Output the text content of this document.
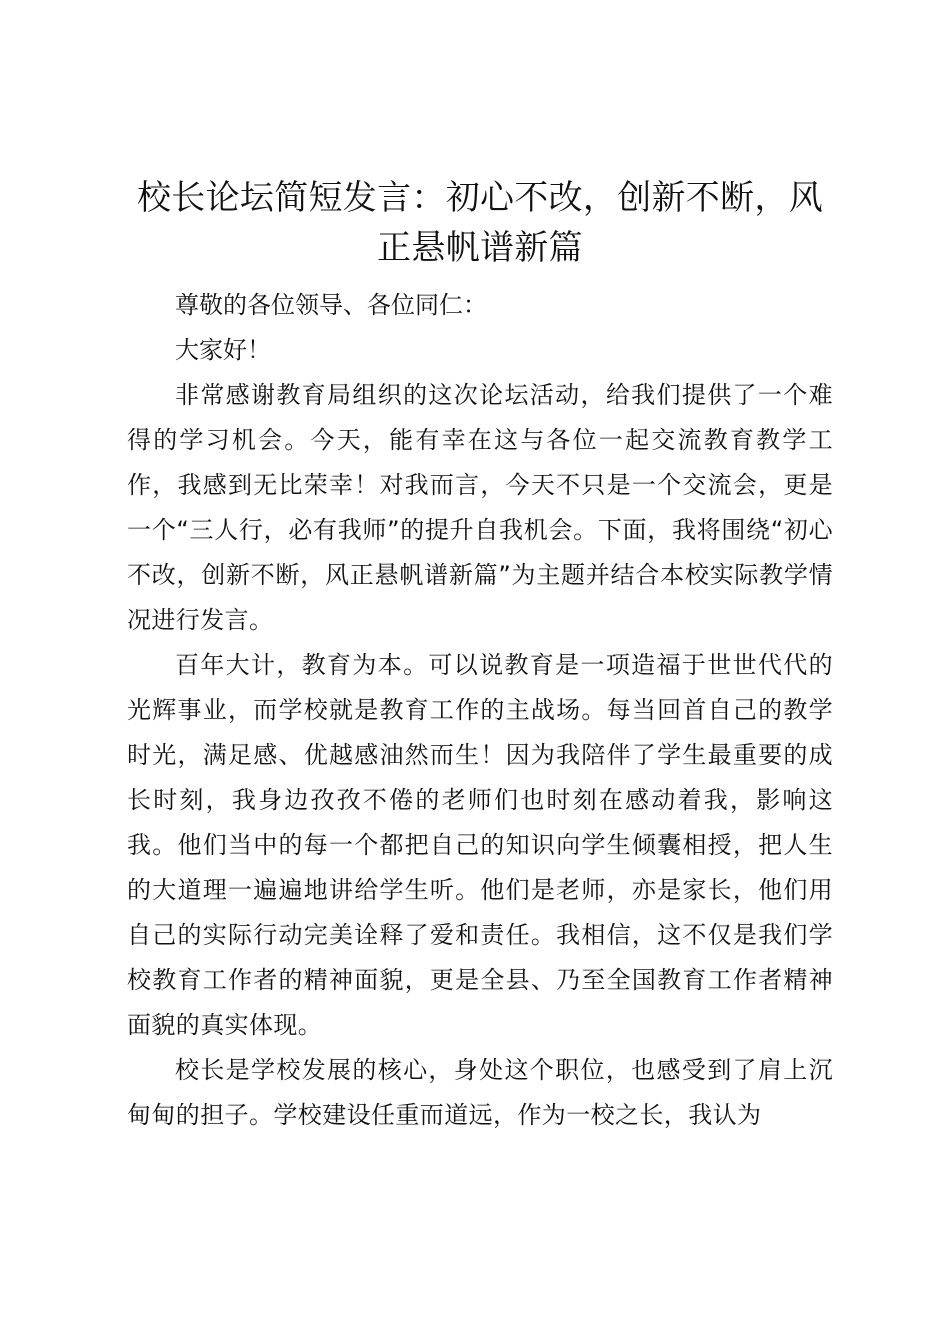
校长论坛简短发言：初心不改，创新不断，风正悬帆谱新篇

尊敬的各位领导、各位同仁：

大家好！

非常感谢教育局组织的这次论坛活动，给我们提供了一个难得的学习机会。今天，能有幸在这与各位一起交流教育教学工作，我感到无比荣幸！对我而言，今天不只是一个交流会，更是一个“三人行，必有我师”的提升自我机会。下面，我将围绕“初心不改，创新不断，风正悬帆谱新篇”为主题并结合本校实际教学情况进行发言。

百年大计，教育为本。可以说教育是一项造福于世世代代的光辉事业，而学校就是教育工作的主战场。每当回首自己的教学时光，满足感、优越感油然而生！因为我陪伴了学生最重要的成长时刻，我身边孜孜不倦的老师们也时刻在感动着我，影响这我。他们当中的每一个都把自己的知识向学生倾囊相授，把人生的大道理一遍遍地讲给学生听。他们是老师，亦是家长，他们用自己的实际行动完美诠释了爱和责任。我相信，这不仅是我们学校教育工作者的精神面貌，更是全县、乃至全国教育工作者精神面貌的真实体现。

校长是学校发展的核心，身处这个职位，也感受到了肩上沉甸甸的担子。学校建设任重而道远，作为一校之长，我认为
